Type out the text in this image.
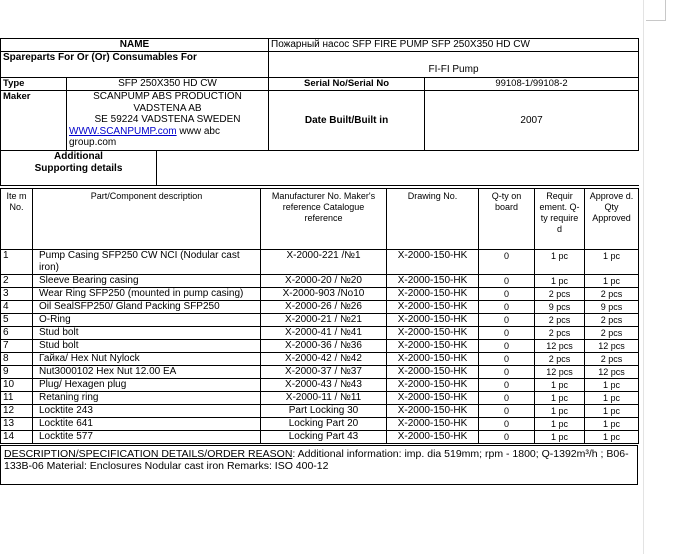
NAME		Пожарный насос SFP FIRE PUMP SFP 250X350 HD CW	
Spareparts For Or (Or) Consumables For		FI-FI Pump	
Type	SFP 250X350 HD CW	Serial No/Serial No	99108-1/99108-2
Maker	SCANPUMP ABS PRODUCTION
VADSTENA AB
SE 59224 VADSTENA SWEDEN
WWW.SCANPUMP.com www abc
group.com	Date Built/Built in	2007
Additional
Supporting details

Ite m No.	Part/Component description	Manufacturer No. Maker's reference Catalogue reference	Drawing No.	Q-ty on board	Requir ement. Q-ty require d	Approve d. Qty Approved
1	Pump Casing SFP250 CW NCI (Nodular cast iron)	X-2000-221 /№1	X-2000-150-HK	0	1 pc	1 pc
2	Sleeve Bearing casing	X-2000-20 / №20	X-2000-150-HK	0	1 pc	1 pc
3	Wear Ring SFP250 (mounted in pump casing)	X-2000-903 /No10	X-2000-150-HK	0	2 pcs	2 pcs
4	Oil SealSFP250/ Gland Packing SFP250	X-2000-26 / №26	X-2000-150-HK	0	9 pcs	9 pcs
5	O-Ring	X-2000-21 / №21	X-2000-150-HK	0	2 pcs	2 pcs
6	Stud bolt	X-2000-41 / №41	X-2000-150-HK	0	2 pcs	2 pcs
7	Stud bolt	X-2000-36 / №36	X-2000-150-HK	0	12 pcs	12 pcs
8	Гайка/ Hex Nut Nylock	X-2000-42 / №42	X-2000-150-HK	0	2 pcs	2 pcs
9	Nut3000102 Hex Nut 12.00 EA	X-2000-37 / №37	X-2000-150-HK	0	12 pcs	12 pcs
10	Plug/ Hexagen plug	X-2000-43 / №43	X-2000-150-HK	0	1 pc	1 pc
11	Retaning ring	X-2000-11 / №11	X-2000-150-HK	0	1 pc	1 pc
12	Locktite 243	Part Locking 30	X-2000-150-HK	0	1 pc	1 pc
13	Locktite 641	Locking Part 20	X-2000-150-HK	0	1 pc	1 pc
14	Locktite 577	Locking Part 43	X-2000-150-HK	0	1 pc	1 pc
DESCRIPTION/SPECIFICATION DETAILS/ORDER REASON: Additional information: imp. dia 519mm; rpm - 1800; Q-1392m³/h ; B06-133B-06 Material: Enclosures Nodular cast iron Remarks: ISO 400-12
